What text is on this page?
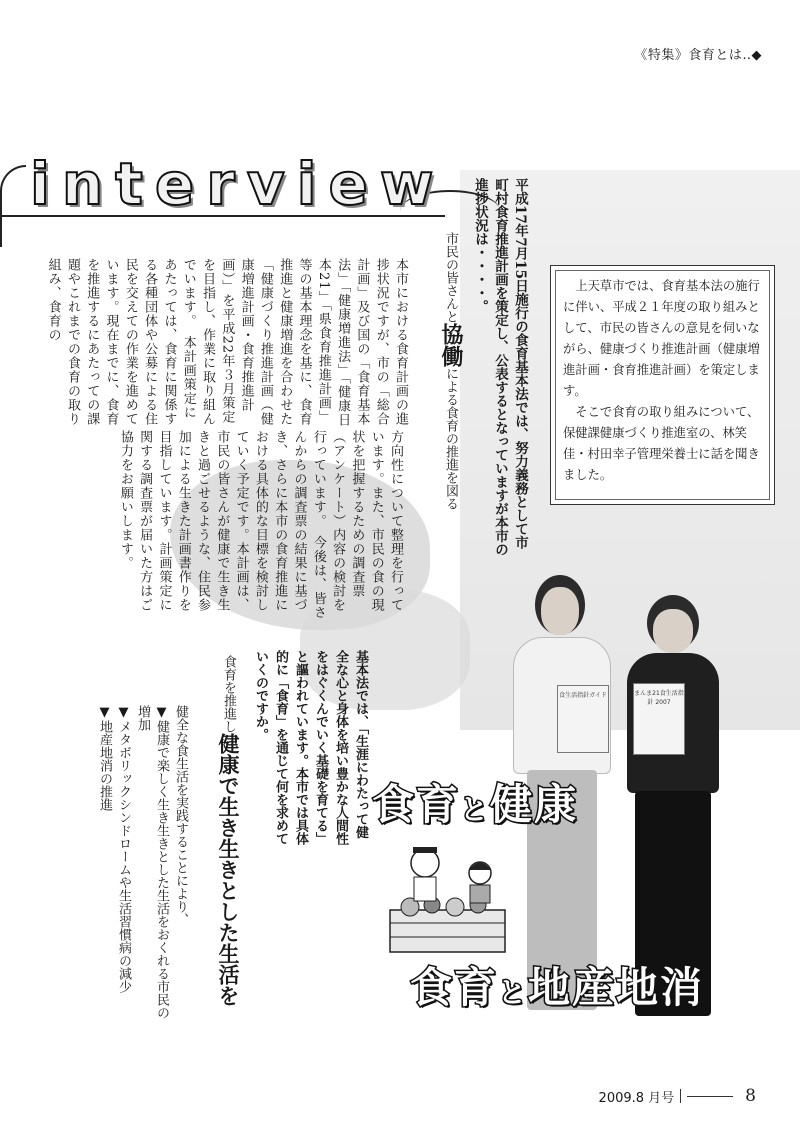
《特集》食育とは‥◆
interview	平成17年7月15日施行の食育基本法では、努力義務として市町村食育推進計画を策定し、公表するとなっていますが本市の進捗状況は・・・・。	上天草市では、食育基本法の施行に伴い、平成２１年度の取り組みとして、市民の皆さんの意見を伺いながら、健康づくり推進計画（健康増進計画・食育推進計画）を策定します。

そこで食育の取り組みについて、保健課健康づくり推進室の、林笑佳・村田幸子管理栄養士に話を聞きました。

市民の皆さんと協働による食育の推進を図る
本市における食育計画の進捗状況ですが、市の「総合計画」及び国の「食育基本法」「健康増進法」「健康日本21」「県食育推進計画」等の基本理念を基に、食育推進と健康増進を合わせた「健康づくり推進計画（健康増進計画・食育推進計画）」を平成22年３月策定を目指し、作業に取り組んでいます。　本計画策定にあたっては、食育に関係する各種団体や公募による住民を交えての作業を進めています。現在までに、食育を推進するにあたっての課題やこれまでの食育の取り組み、食育の
方向性について整理を行っています。また、市民の食の現状を把握するための調査票（アンケート）内容の検討を行っています。　今後は、皆さんからの調査票の結果に基づき、さらに本市の食育推進における具体的な目標を検討していく予定です。本計画は、市民の皆さんが健康で生き生きと過ごせるような、住民参加による生きた計画書作りを目指しています。計画策定に関する調査票が届いた方はご協力をお願いします。
基本法では、「生涯にわたって健全な心と身体を培い豊かな人間性をはぐくんでいく基礎を育てる」と謳われています。本市では具体的に「食育」を通じて何を求めていくのですか。
食育を推進し健康で生き生きとした生活を
健全な食生活を実践することにより、
▼健康で楽しく生き生きとした生活をおくれる市民の増加
▼メタボリックシンドロームや生活習慣病の減少
▼地産地消の推進
食生活指針ガイド	まんま21食生活指針 2007
食育と健康
食育と地産地消
2009.8 月号	8
